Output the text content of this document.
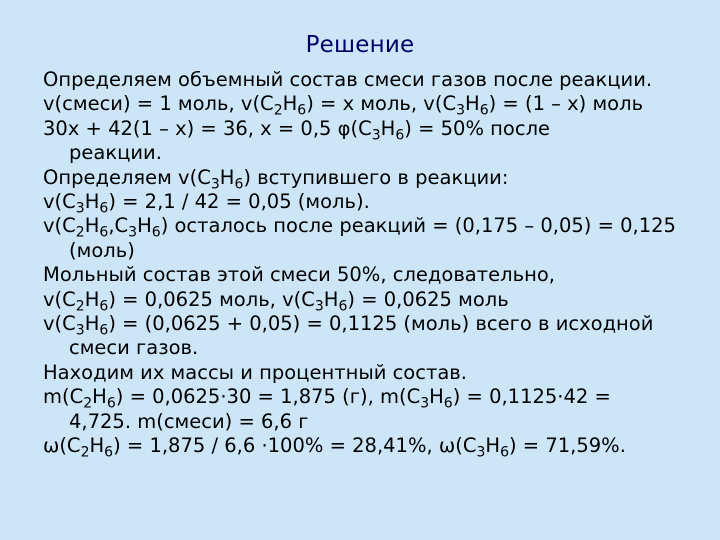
Решение
Определяем объемный состав смеси газов после реакции.
v(смеси) = 1 моль, $v(C_2H_6) = x$ моль, $v(C_3H_6) = (1 - x)$ моль
30x + 42(1 – x) = 36, x = 0,5 $\varphi(C_3H_6) = 50\%$ после
реакции.
Определяем $v(C_3H_6)$ вступившего в реакции:
$v(C_3H_6) = 2,1 / 42 = 0,05$ (моль).
$v(C_2H_6,C_3H_6)$ осталось после реакций = (0,175 – 0,05) = 0,125
(моль)
Мольный состав этой смеси 50%, следовательно,
$v(C_2H_6) = 0,0625$ моль, $v(C_3H_6) = 0,0625$ моль
$v(C_3H_6) = (0,0625 + 0,05) = 0,1125$ (моль) всего в исходной
смеси газов.
Находим их массы и процентный состав.
$m(C_2H_6) = 0,0625\cdot 30 = 1,875$ (г), $m(C_3H_6) = 0,1125\cdot 42$ =
4,725. m(смеси) = 6,6 г
$\omega(C_2H_6) = 1,875 / 6,6 \cdot 100\% = 28,41\%$, $\omega(C_3H_6) = 71,59\%$.
